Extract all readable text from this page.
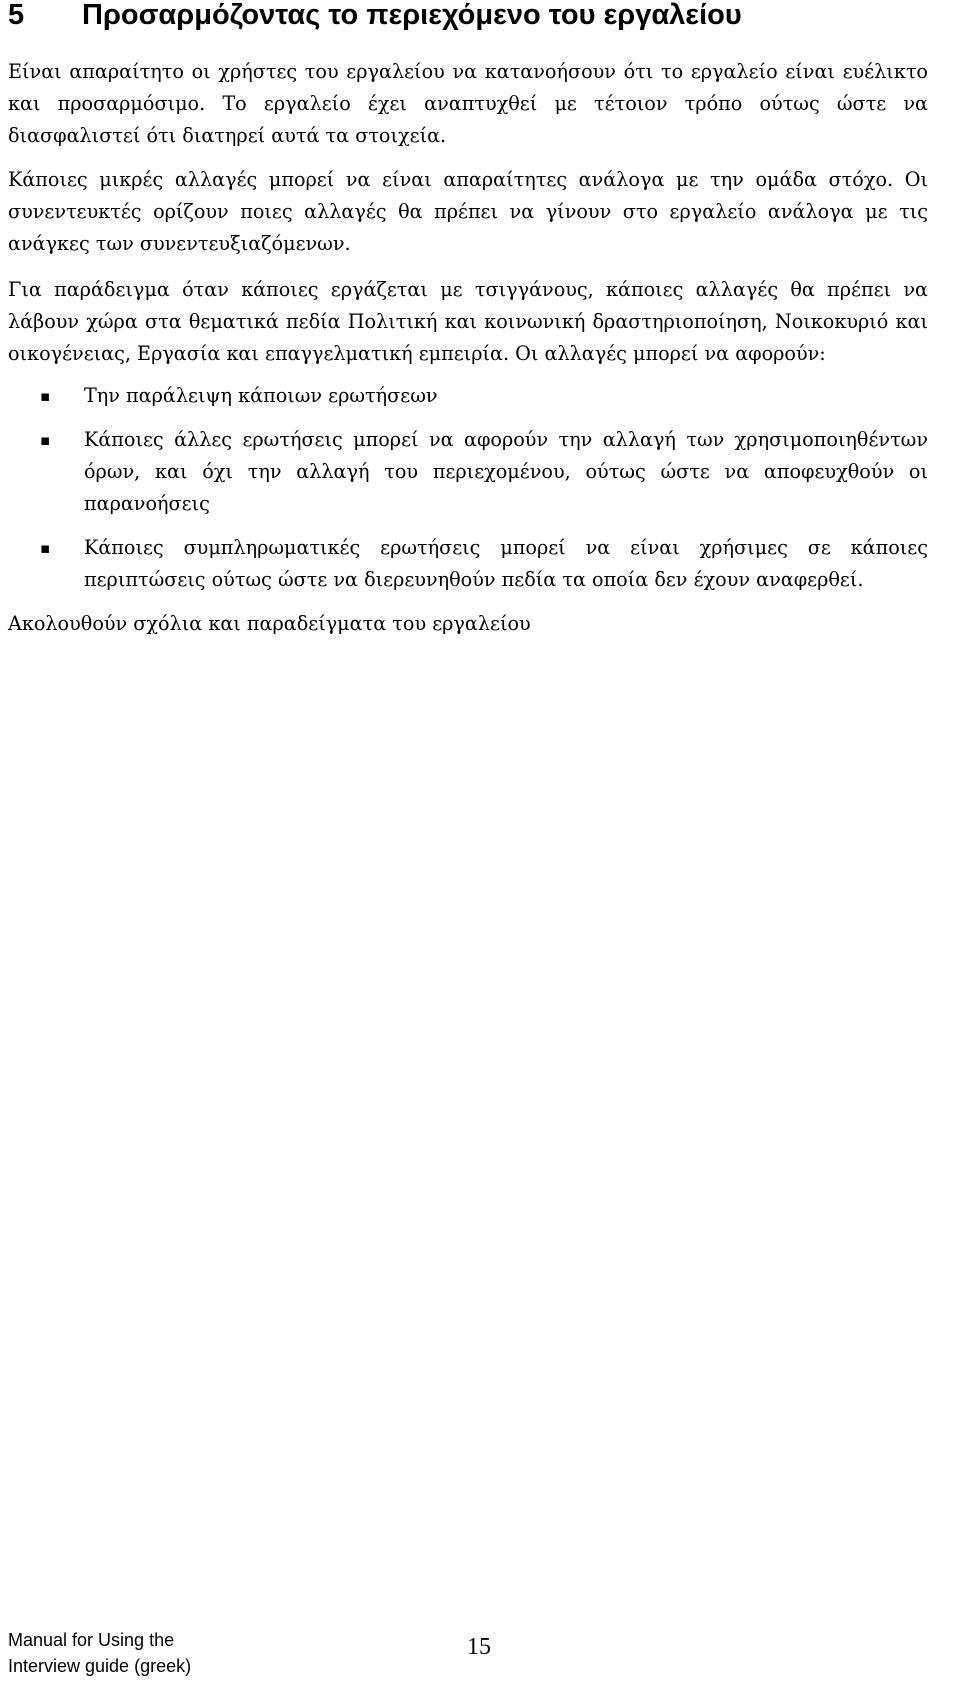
5	Προσαρμόζοντας το περιεχόμενο του εργαλείου

Είναι απαραίτητο οι χρήστες του εργαλείου να κατανοήσουν ότι το εργαλείο είναι ευέλικτο και προσαρμόσιμο. Το εργαλείο έχει αναπτυχθεί με τέτοιον τρόπο ούτως ώστε να διασφαλιστεί ότι διατηρεί αυτά τα στοιχεία.

Κάποιες μικρές αλλαγές μπορεί να είναι απαραίτητες ανάλογα με την ομάδα στόχο. Οι συνεντευκτές ορίζουν ποιες αλλαγές θα πρέπει να γίνουν στο εργαλείο ανάλογα με τις ανάγκες των συνεντευξιαζόμενων.

Για παράδειγμα όταν κάποιες εργάζεται με τσιγγάνους, κάποιες αλλαγές θα πρέπει να λάβουν χώρα στα θεματικά πεδία Πολιτική και κοινωνική δραστηριοποίηση, Νοικοκυριό και οικογένειας, Εργασία και επαγγελματική εμπειρία. Οι αλλαγές μπορεί να αφορούν:

▪	Την παράλειψη κάποιων ερωτήσεων
▪	Κάποιες άλλες ερωτήσεις μπορεί να αφορούν την αλλαγή των χρησιμοποιηθέντων όρων, και όχι την αλλαγή του περιεχομένου, ούτως ώστε να αποφευχθούν οι παρανοήσεις
▪	Κάποιες συμπληρωματικές ερωτήσεις μπορεί να είναι χρήσιμες σε κάποιες περιπτώσεις ούτως ώστε να διερευνηθούν πεδία τα οποία δεν έχουν αναφερθεί.

Ακολουθούν σχόλια και παραδείγματα του εργαλείου

Manual for Using the
Interview guide (greek)
15
